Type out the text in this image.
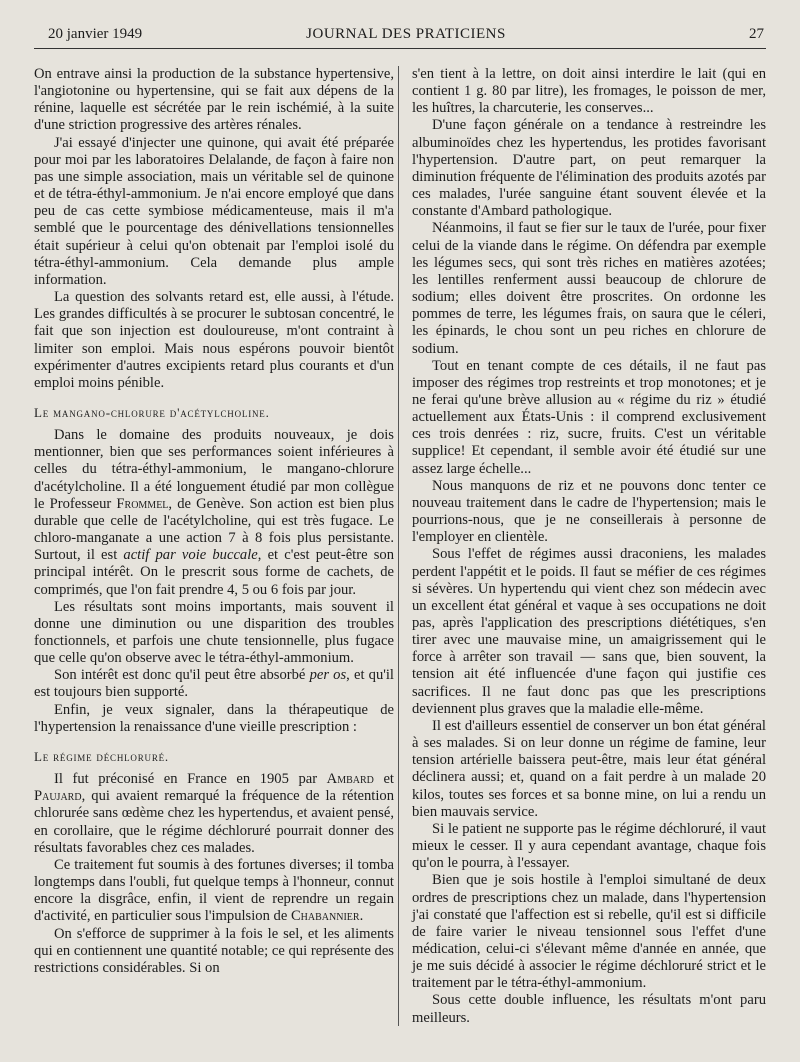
20 janvier 1949	JOURNAL DES PRATICIENS	27

On entrave ainsi la production de la substance hypertensive, l'angiotonine ou hypertensine, qui se fait aux dépens de la rénine, laquelle est sécrétée par le rein ischémié, à la suite d'une striction progressive des artères rénales.

J'ai essayé d'injecter une quinone, qui avait été préparée pour moi par les laboratoires Delalande, de façon à faire non pas une simple association, mais un véritable sel de quinone et de tétra-éthyl-ammonium. Je n'ai encore employé que dans peu de cas cette symbiose médicamenteuse, mais il m'a semblé que le pourcentage des dénivellations tensionnelles était supérieur à celui qu'on obtenait par l'emploi isolé du tétra-éthyl-ammonium. Cela demande plus ample information.

La question des solvants retard est, elle aussi, à l'étude. Les grandes difficultés à se procurer le subtosan concentré, le fait que son injection est douloureuse, m'ont contraint à limiter son emploi. Mais nous espérons pouvoir bientôt expérimenter d'autres excipients retard plus courants et d'un emploi moins pénible.

Le mangano-chlorure d'acétylcholine.

Dans le domaine des produits nouveaux, je dois mentionner, bien que ses performances soient inférieures à celles du tétra-éthyl-ammonium, le mangano-chlorure d'acétylcholine. Il a été longuement étudié par mon collègue le Professeur Frommel, de Genève. Son action est bien plus durable que celle de l'acétylcholine, qui est très fugace. Le chloro-manganate a une action 7 à 8 fois plus persistante. Surtout, il est actif par voie buccale, et c'est peut-être son principal intérêt. On le prescrit sous forme de cachets, de comprimés, que l'on fait prendre 4, 5 ou 6 fois par jour.

Les résultats sont moins importants, mais souvent il donne une diminution ou une disparition des troubles fonctionnels, et parfois une chute tensionnelle, plus fugace que celle qu'on observe avec le tétra-éthyl-ammonium.

Son intérêt est donc qu'il peut être absorbé per os, et qu'il est toujours bien supporté.

Enfin, je veux signaler, dans la thérapeutique de l'hypertension la renaissance d'une vieille prescription :

Le régime déchloruré.

Il fut préconisé en France en 1905 par Ambard et Paujard, qui avaient remarqué la fréquence de la rétention chlorurée sans œdème chez les hypertendus, et avaient pensé, en corollaire, que le régime déchloruré pourrait donner des résultats favorables chez ces malades.

Ce traitement fut soumis à des fortunes diverses; il tomba longtemps dans l'oubli, fut quelque temps à l'honneur, connut encore la disgrâce, enfin, il vient de reprendre un regain d'activité, en particulier sous l'impulsion de Chabannier.

On s'efforce de supprimer à la fois le sel, et les aliments qui en contiennent une quantité notable; ce qui représente des restrictions considérables. Si on

s'en tient à la lettre, on doit ainsi interdire le lait (qui en contient 1 g. 80 par litre), les fromages, le poisson de mer, les huîtres, la charcuterie, les conserves...

D'une façon générale on a tendance à restreindre les albuminoïdes chez les hypertendus, les protides favorisant l'hypertension. D'autre part, on peut remarquer la diminution fréquente de l'élimination des produits azotés par ces malades, l'urée sanguine étant souvent élevée et la constante d'Ambard pathologique.

Néanmoins, il faut se fier sur le taux de l'urée, pour fixer celui de la viande dans le régime. On défendra par exemple les légumes secs, qui sont très riches en matières azotées; les lentilles renferment aussi beaucoup de chlorure de sodium; elles doivent être proscrites. On ordonne les pommes de terre, les légumes frais, on saura que le céleri, les épinards, le chou sont un peu riches en chlorure de sodium.

Tout en tenant compte de ces détails, il ne faut pas imposer des régimes trop restreints et trop monotones; et je ne ferai qu'une brève allusion au « régime du riz » étudié actuellement aux États-Unis : il comprend exclusivement ces trois denrées : riz, sucre, fruits. C'est un véritable supplice! Et cependant, il semble avoir été étudié sur une assez large échelle...

Nous manquons de riz et ne pouvons donc tenter ce nouveau traitement dans le cadre de l'hypertension; mais le pourrions-nous, que je ne conseillerais à personne de l'employer en clientèle.

Sous l'effet de régimes aussi draconiens, les malades perdent l'appétit et le poids. Il faut se méfier de ces régimes si sévères. Un hypertendu qui vient chez son médecin avec un excellent état général et vaque à ses occupations ne doit pas, après l'application des prescriptions diététiques, s'en tirer avec une mauvaise mine, un amaigrissement qui le force à arrêter son travail — sans que, bien souvent, la tension ait été influencée d'une façon qui justifie ces sacrifices. Il ne faut donc pas que les prescriptions deviennent plus graves que la maladie elle-même.

Il est d'ailleurs essentiel de conserver un bon état général à ses malades. Si on leur donne un régime de famine, leur tension artérielle baissera peut-être, mais leur état général déclinera aussi; et, quand on a fait perdre à un malade 20 kilos, toutes ses forces et sa bonne mine, on lui a rendu un bien mauvais service.

Si le patient ne supporte pas le régime déchloruré, il vaut mieux le cesser. Il y aura cependant avantage, chaque fois qu'on le pourra, à l'essayer.

Bien que je sois hostile à l'emploi simultané de deux ordres de prescriptions chez un malade, dans l'hypertension j'ai constaté que l'affection est si rebelle, qu'il est si difficile de faire varier le niveau tensionnel sous l'effet d'une médication, celui-ci s'élevant même d'année en année, que je me suis décidé à associer le régime déchloruré strict et le traitement par le tétra-éthyl-ammonium.

Sous cette double influence, les résultats m'ont paru meilleurs.
